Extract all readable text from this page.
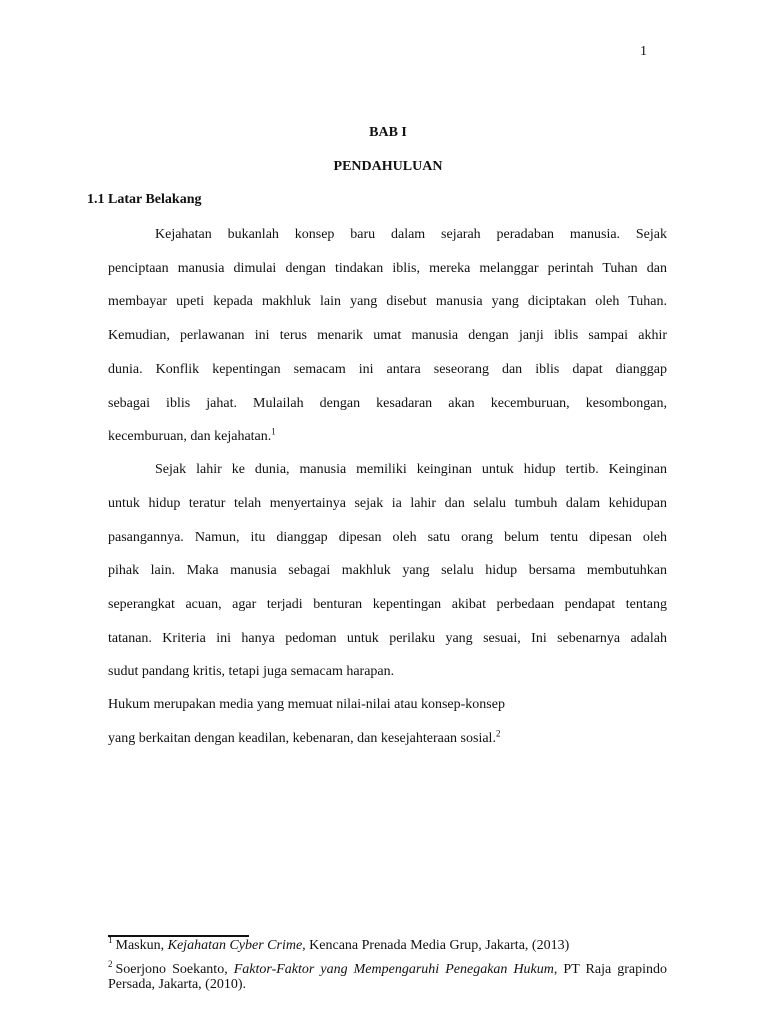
1
BAB I
PENDAHULUAN
1.1 Latar Belakang
Kejahatan bukanlah konsep baru dalam sejarah peradaban manusia. Sejak
penciptaan manusia dimulai dengan tindakan iblis, mereka melanggar perintah Tuhan dan
membayar upeti kepada makhluk lain yang disebut manusia yang diciptakan oleh Tuhan.
Kemudian, perlawanan ini terus menarik umat manusia dengan janji iblis sampai akhir
dunia. Konflik kepentingan semacam ini antara seseorang dan iblis dapat dianggap
sebagai iblis jahat. Mulailah dengan kesadaran akan kecemburuan, kesombongan,
kecemburuan, dan kejahatan.$^1$
Sejak lahir ke dunia, manusia memiliki keinginan untuk hidup tertib. Keinginan
untuk hidup teratur telah menyertainya sejak ia lahir dan selalu tumbuh dalam kehidupan
pasangannya. Namun, itu dianggap dipesan oleh satu orang belum tentu dipesan oleh
pihak lain. Maka manusia sebagai makhluk yang selalu hidup bersama membutuhkan
seperangkat acuan, agar terjadi benturan kepentingan akibat perbedaan pendapat tentang
tatanan. Kriteria ini hanya pedoman untuk perilaku yang sesuai, Ini sebenarnya adalah
sudut pandang kritis, tetapi juga semacam harapan.
Hukum merupakan media yang memuat nilai-nilai atau konsep-konsep
yang berkaitan dengan keadilan, kebenaran, dan kesejahteraan sosial.$^2$
$^1$ Maskun, Kejahatan Cyber Crime, Kencana Prenada Media Grup, Jakarta, (2013)
$^2$ Soerjono Soekanto, Faktor-Faktor yang Mempengaruhi Penegakan Hukum, PT Raja grapindo Persada, Jakarta, (2010).
